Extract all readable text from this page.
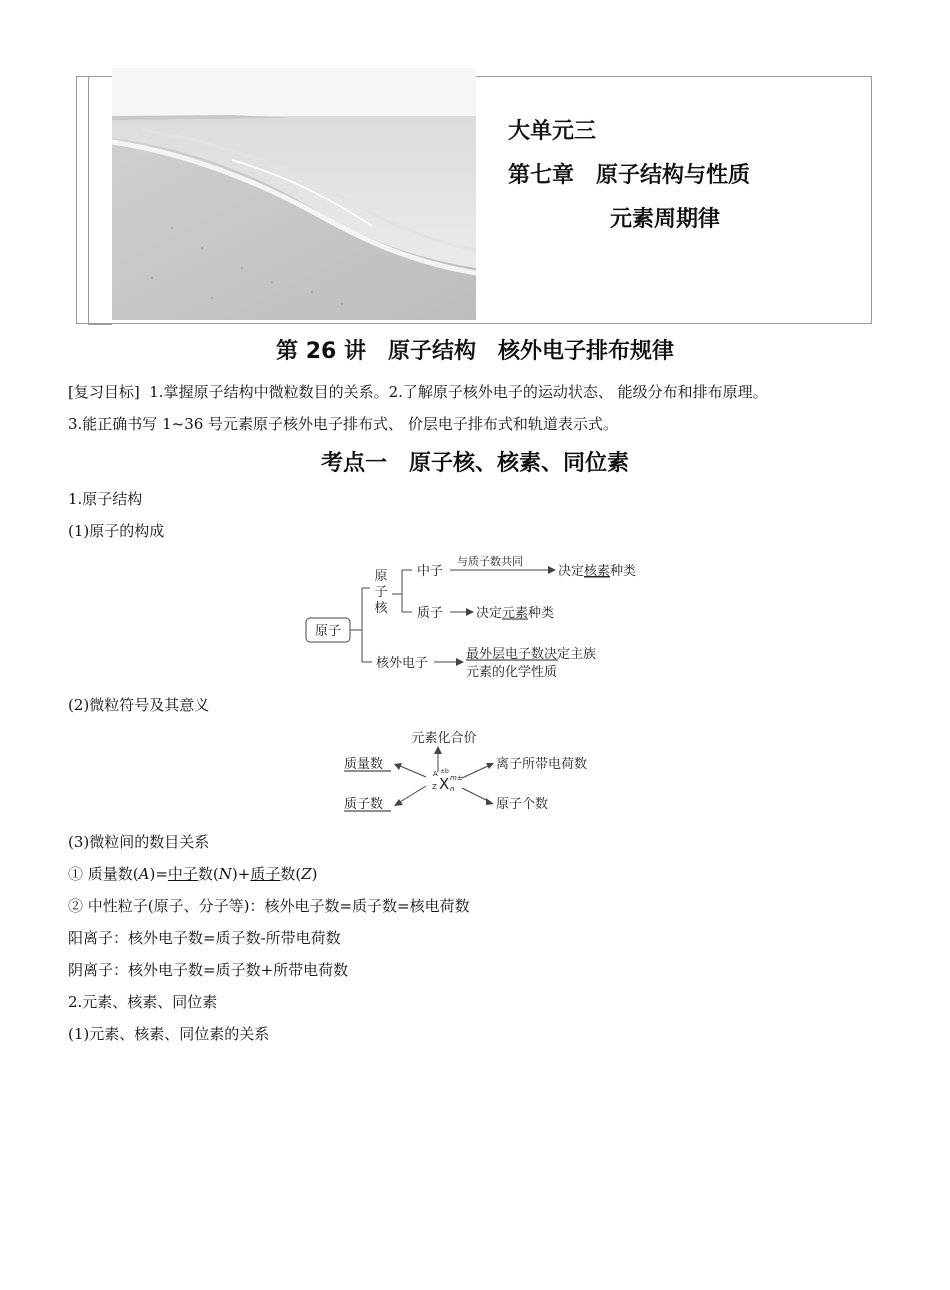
大单元三
第七章　原子结构与性质
元素周期律
第 26 讲　原子结构　核外电子排布规律
[复习目标] 1.掌握原子结构中微粒数目的关系。2.了解原子核外电子的运动状态、 能级分布和排布原理。
3.能正确书写 1~36 号元素原子核外电子排布式、 价层电子排布式和轨道表示式。
考点一　原子核、核素、同位素
1.原子结构
(1)原子的构成
原子
原
子
核
中子
与质子数共同
决定 核素 种类
质子	决定 元素 种类
核外电子
最外层电子数决定主族
元素的化学性质
(2)微粒符号及其意义
元素化合价
质量数
质子数
A
Z X
±b
m±
n
离子所带电荷数
原子个数
(3)微粒间的数目关系
① 质量数(A)=中子数(N)+质子数(Z)
② 中性粒子(原子、分子等)：核外电子数=质子数=核电荷数
阳离子：核外电子数=质子数-所带电荷数
阴离子：核外电子数=质子数+所带电荷数
2.元素、核素、同位素
(1)元素、核素、同位素的关系
